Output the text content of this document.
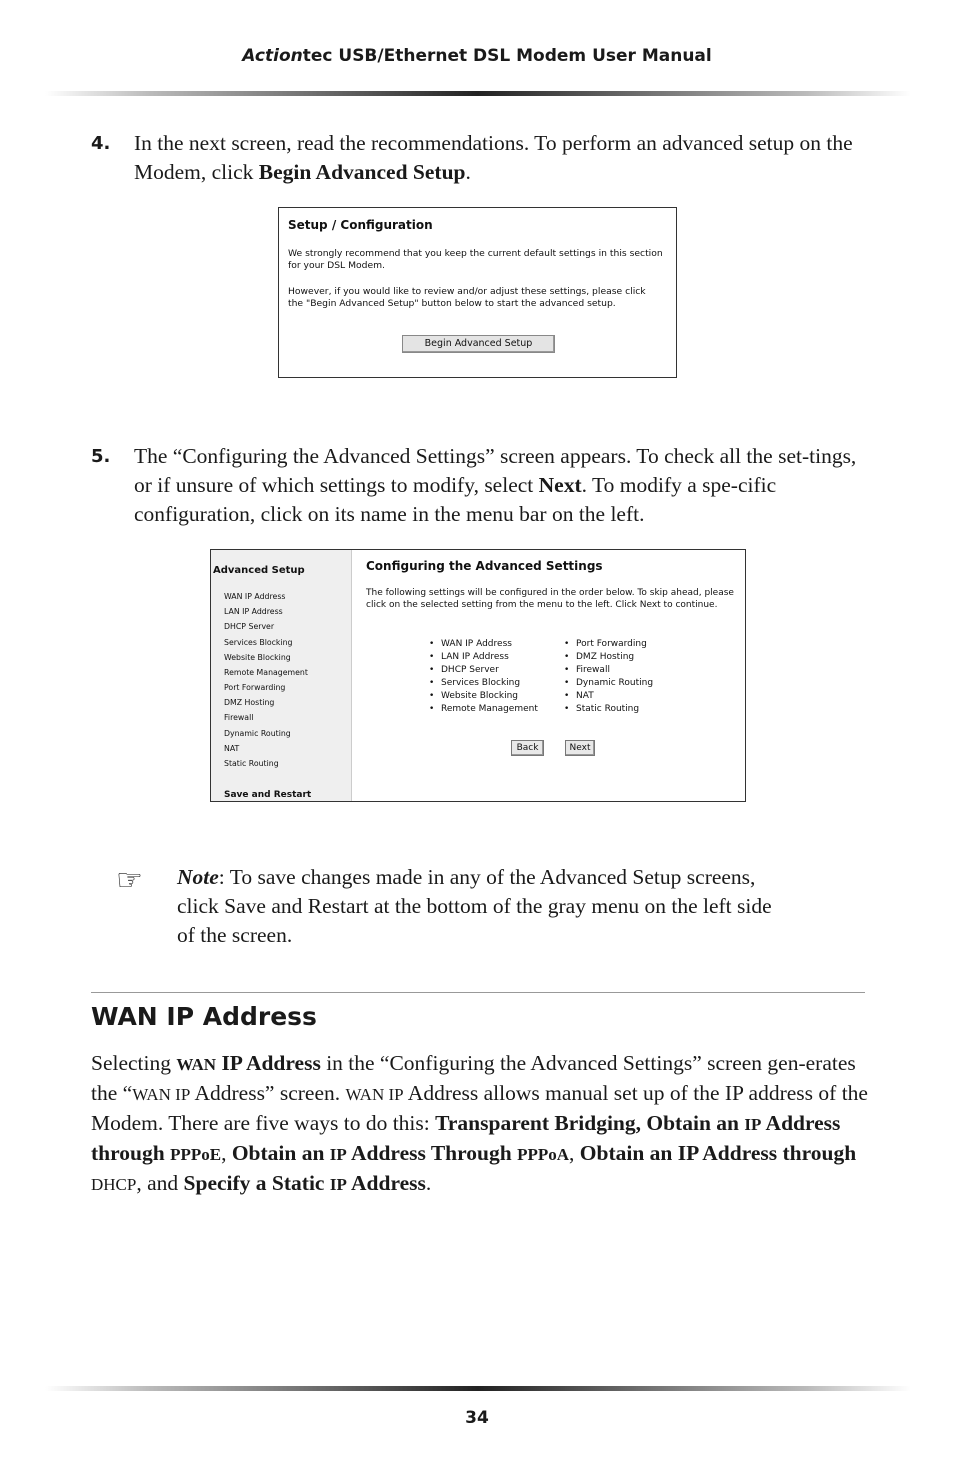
Actiontec USB/Ethernet DSL Modem User Manual
4. In the next screen, read the recommendations. To perform an advanced setup on the Modem, click Begin Advanced Setup.
Setup / Configuration
We strongly recommend that you keep the current default settings in this section for your DSL Modem.
However, if you would like to review and/or adjust these settings, please click the "Begin Advanced Setup" button below to start the advanced setup.
Begin Advanced Setup
5. The “Configuring the Advanced Settings” screen appears. To check all the set-tings, or if unsure of which settings to modify, select Next. To modify a spe-cific configuration, click on its name in the menu bar on the left.
Advanced Setup
WAN IP Address
LAN IP Address
DHCP Server
Services Blocking
Website Blocking
Remote Management
Port Forwarding
DMZ Hosting
Firewall
Dynamic Routing
NAT
Static Routing
Save and Restart
Configuring the Advanced Settings
The following settings will be configured in the order below. To skip ahead, please click on the selected setting from the menu to the left. Click Next to continue.
• WAN IP Address
• LAN IP Address
• DHCP Server
• Services Blocking
• Website Blocking
• Remote Management
• Port Forwarding
• DMZ Hosting
• Firewall
• Dynamic Routing
• NAT
• Static Routing
Back	Next
☞ Note: To save changes made in any of the Advanced Setup screens, click Save and Restart at the bottom of the gray menu on the left side of the screen.
WAN IP Address
Selecting WAN IP Address in the “Configuring the Advanced Settings” screen gen-erates the “WAN IP Address” screen. WAN IP Address allows manual set up of the IP address of the Modem. There are five ways to do this: Transparent Bridging, Obtain an IP Address through PPPoE, Obtain an IP Address Through PPPoA, Obtain an IP Address through DHCP, and Specify a Static IP Address.
34
